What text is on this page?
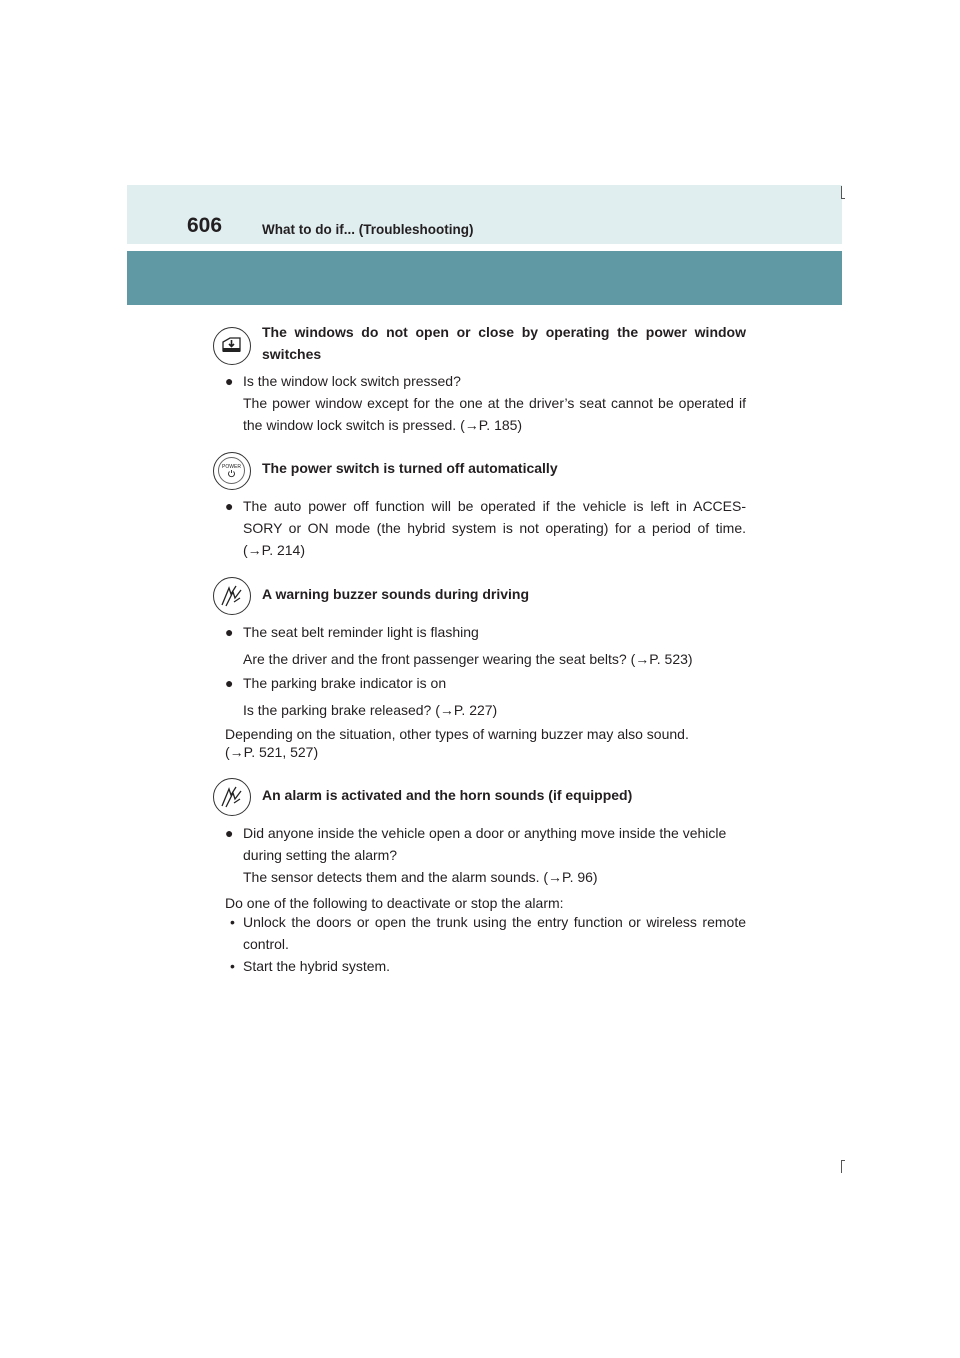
606	What to do if... (Troubleshooting)
The windows do not open or close by operating the power window switches
● Is the window lock switch pressed?
The power window except for the one at the driver’s seat cannot be operated if the window lock switch is pressed. (→P. 185)
POWER The power switch is turned off automatically
● The auto power off function will be operated if the vehicle is left in ACCES-
SORY or ON mode (the hybrid system is not operating) for a period of time.
(→P. 214)
A warning buzzer sounds during driving
● The seat belt reminder light is flashing
Are the driver and the front passenger wearing the seat belts? (→P. 523)
● The parking brake indicator is on
Is the parking brake released? (→P. 227)
Depending on the situation, other types of warning buzzer may also sound.
(→P. 521, 527)
An alarm is activated and the horn sounds (if equipped)
● Did anyone inside the vehicle open a door or anything move inside the vehicle during setting the alarm?
The sensor detects them and the alarm sounds. (→P. 96)
Do one of the following to deactivate or stop the alarm:
• Unlock the doors or open the trunk using the entry function or wireless remote control.
• Start the hybrid system.
